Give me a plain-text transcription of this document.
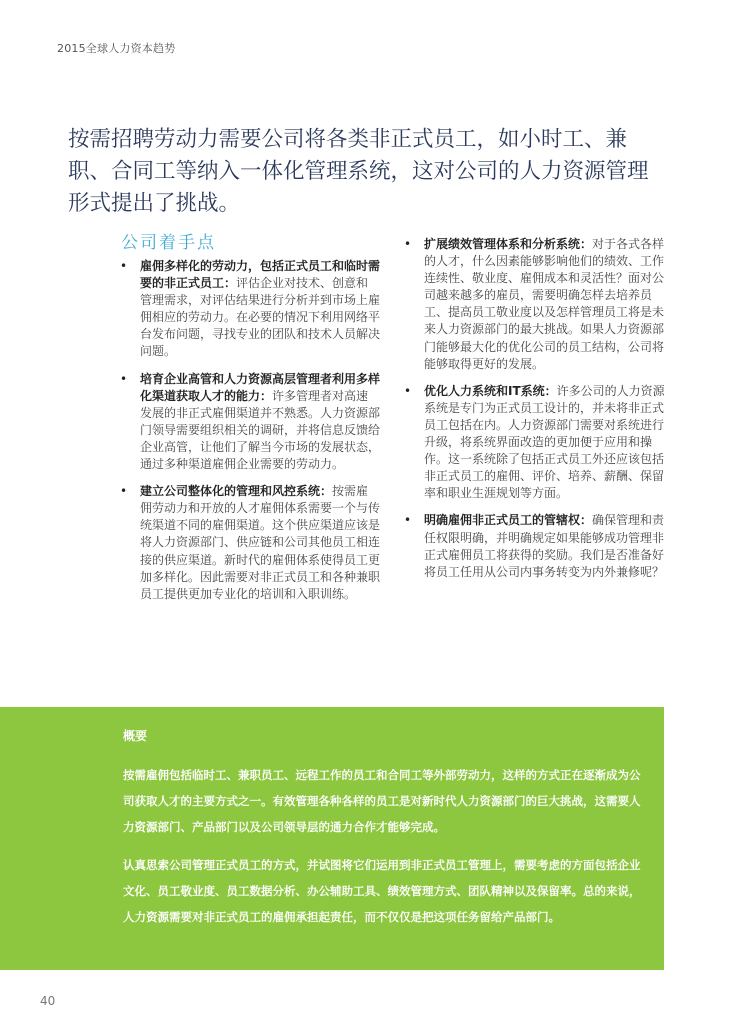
2015全球人力资本趋势
按需招聘劳动力需要公司将各类非正式员工，如小时工、兼职、合同工等纳入一体化管理系统，这对公司的人力资源管理形式提出了挑战。
公司着手点
• 雇佣多样化的劳动力，包括正式员工和临时需要的非正式员工：评估企业对技术、创意和管理需求，对评估结果进行分析并到市场上雇佣相应的劳动力。在必要的情况下利用网络平台发布问题，寻找专业的团队和技术人员解决问题。
• 培育企业高管和人力资源高层管理者利用多样化渠道获取人才的能力：许多管理者对高速发展的非正式雇佣渠道并不熟悉。人力资源部门领导需要组织相关的调研，并将信息反馈给企业高管，让他们了解当今市场的发展状态，通过多种渠道雇佣企业需要的劳动力。
• 建立公司整体化的管理和风控系统：按需雇佣劳动力和开放的人才雇佣体系需要一个与传统渠道不同的雇佣渠道。这个供应渠道应该是将人力资源部门、供应链和公司其他员工相连接的供应渠道。新时代的雇佣体系使得员工更加多样化。因此需要对非正式员工和各种兼职员工提供更加专业化的培训和入职训练。
• 扩展绩效管理体系和分析系统：对于各式各样的人才，什么因素能够影响他们的绩效、工作连续性、敬业度、雇佣成本和灵活性？面对公司越来越多的雇员，需要明确怎样去培养员工、提高员工敬业度以及怎样管理员工将是未来人力资源部门的最大挑战。如果人力资源部门能够最大化的优化公司的员工结构，公司将能够取得更好的发展。
• 优化人力系统和IT系统：许多公司的人力资源系统是专门为正式员工设计的，并未将非正式员工包括在内。人力资源部门需要对系统进行升级，将系统界面改造的更加便于应用和操作。这一系统除了包括正式员工外还应该包括非正式员工的雇佣、评价、培养、薪酬、保留率和职业生涯规划等方面。
• 明确雇佣非正式员工的管辖权：确保管理和责任权限明确，并明确规定如果能够成功管理非正式雇佣员工将获得的奖励。我们是否准备好将员工任用从公司内事务转变为内外兼修呢？
概要

按需雇佣包括临时工、兼职员工、远程工作的员工和合同工等外部劳动力，这样的方式正在逐渐成为公司获取人才的主要方式之一。有效管理各种各样的员工是对新时代人力资源部门的巨大挑战，这需要人力资源部门、产品部门以及公司领导层的通力合作才能够完成。

认真思索公司管理正式员工的方式，并试图将它们运用到非正式员工管理上，需要考虑的方面包括企业文化、员工敬业度、员工数据分析、办公辅助工具、绩效管理方式、团队精神以及保留率。总的来说，人力资源需要对非正式员工的雇佣承担起责任，而不仅仅是把这项任务留给产品部门。

40
